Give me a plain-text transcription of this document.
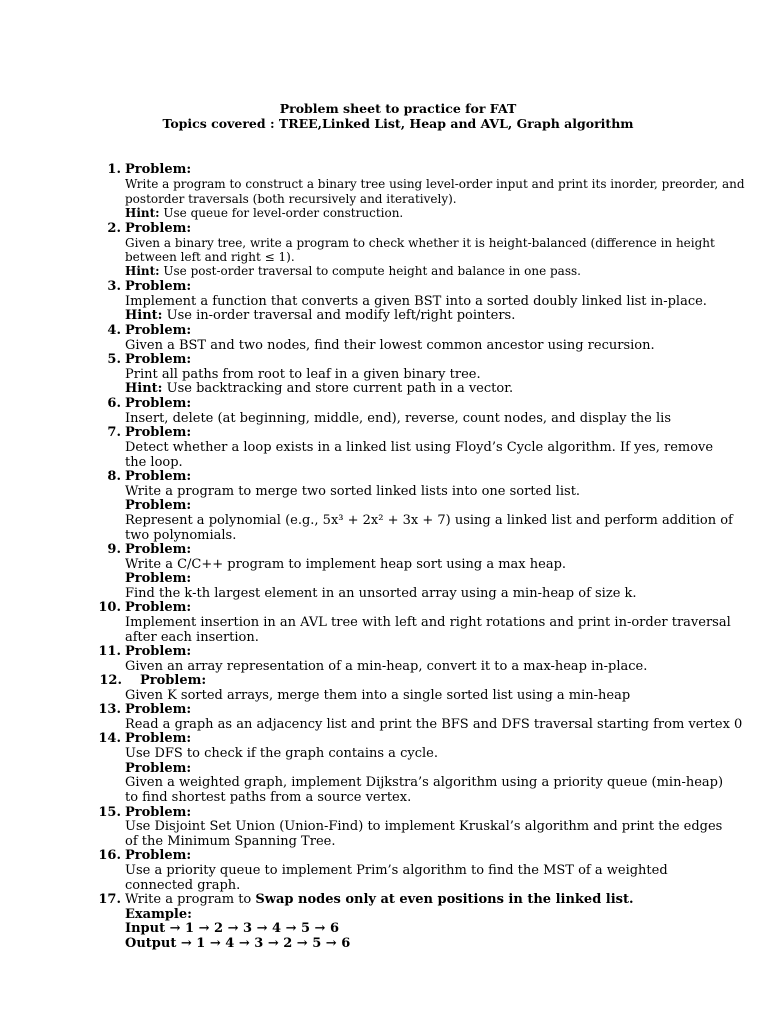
Problem sheet to practice for FAT
Topics covered : TREE,Linked List, Heap and AVL, Graph algorithm
1. Problem:
Write a program to construct a binary tree using level-order input and print its inorder, preorder, and
postorder traversals (both recursively and iteratively).
Hint: Use queue for level-order construction.
2. Problem:
Given a binary tree, write a program to check whether it is height-balanced (difference in height
between left and right ≤ 1).
Hint: Use post-order traversal to compute height and balance in one pass.
3. Problem:
Implement a function that converts a given BST into a sorted doubly linked list in-place.
Hint: Use in-order traversal and modify left/right pointers.
4. Problem:
Given a BST and two nodes, find their lowest common ancestor using recursion.
5. Problem:
Print all paths from root to leaf in a given binary tree.
Hint: Use backtracking and store current path in a vector.
6. Problem:
Insert, delete (at beginning, middle, end), reverse, count nodes, and display the lis
7. Problem:
Detect whether a loop exists in a linked list using Floyd’s Cycle algorithm. If yes, remove
the loop.
8. Problem:
Write a program to merge two sorted linked lists into one sorted list.
Problem:
Represent a polynomial (e.g., 5x³ + 2x² + 3x + 7) using a linked list and perform addition of
two polynomials.
9. Problem:
Write a C/C++ program to implement heap sort using a max heap.
Problem:
Find the k-th largest element in an unsorted array using a min-heap of size k.
10. Problem:
Implement insertion in an AVL tree with left and right rotations and print in-order traversal
after each insertion.
11. Problem:
Given an array representation of a min-heap, convert it to a max-heap in-place.
12. Problem:
Given K sorted arrays, merge them into a single sorted list using a min-heap
13. Problem:
Read a graph as an adjacency list and print the BFS and DFS traversal starting from vertex 0
14. Problem:
Use DFS to check if the graph contains a cycle.
Problem:
Given a weighted graph, implement Dijkstra’s algorithm using a priority queue (min-heap)
to find shortest paths from a source vertex.
15. Problem:
Use Disjoint Set Union (Union-Find) to implement Kruskal’s algorithm and print the edges
of the Minimum Spanning Tree.
16. Problem:
Use a priority queue to implement Prim’s algorithm to find the MST of a weighted
connected graph.
17. Write a program to Swap nodes only at even positions in the linked list.
Example:
Input → 1 → 2 → 3 → 4 → 5 → 6
Output → 1 → 4 → 3 → 2 → 5 → 6
